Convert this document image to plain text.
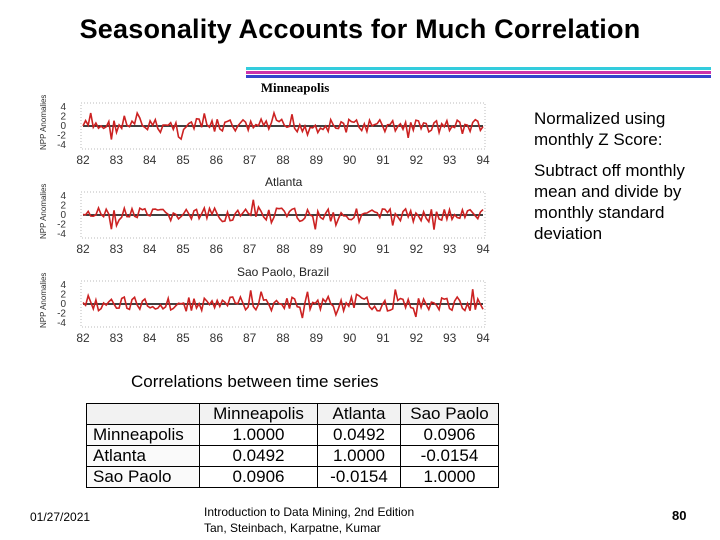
Seasonality Accounts for Much Correlation
Minneapolis
NPP Anomalies 4
2
0
-2
-4
82 83 84 85 86 87 88 89 90 91 92 93 94
NPP Anomalies 4
2
0
-2
-4
82 83 84 85 86 87 88 89 90 91 92 93 94
NPP Anomalies 4
2
0
-2
-4
82 83 84 85 86 87 88 89 90 91 92 93 94
Atlanta
Sao Paolo, Brazil
Normalized using monthly Z Score:
Subtract off monthly mean and divide by monthly standard deviation
Correlations between time series
	Minneapolis	Atlanta	Sao Paolo
Minneapolis	1.0000	0.0492	0.0906
Atlanta	0.0492	1.0000	-0.0154
Sao Paolo	0.0906	-0.0154	1.0000
01/27/2021	Introduction to Data Mining, 2nd Edition
Tan, Steinbach, Karpatne, Kumar
80
